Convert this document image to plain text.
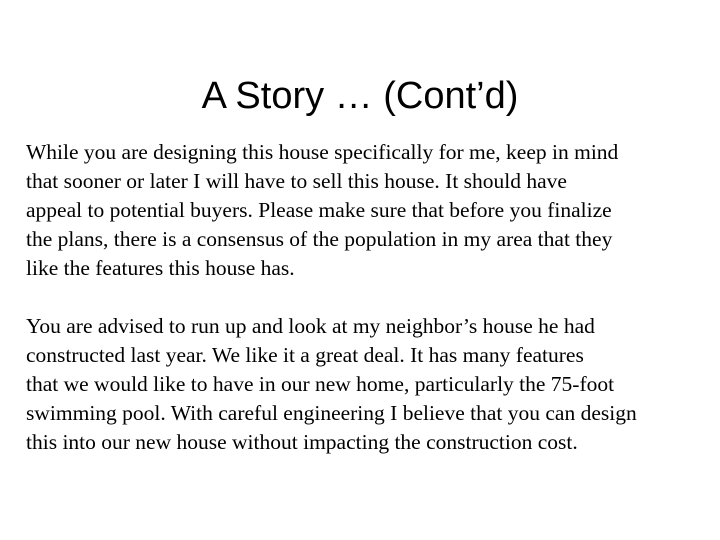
A Story … (Cont’d)

While you are designing this house specifically for me, keep in mind
that sooner or later I will have to sell this house. It should have
appeal to potential buyers. Please make sure that before you finalize
the plans, there is a consensus of the population in my area that they
like the features this house has.

You are advised to run up and look at my neighbor’s house he had
constructed last year. We like it a great deal. It has many features
that we would like to have in our new home, particularly the 75-foot
swimming pool. With careful engineering I believe that you can design
this into our new house without impacting the construction cost.
